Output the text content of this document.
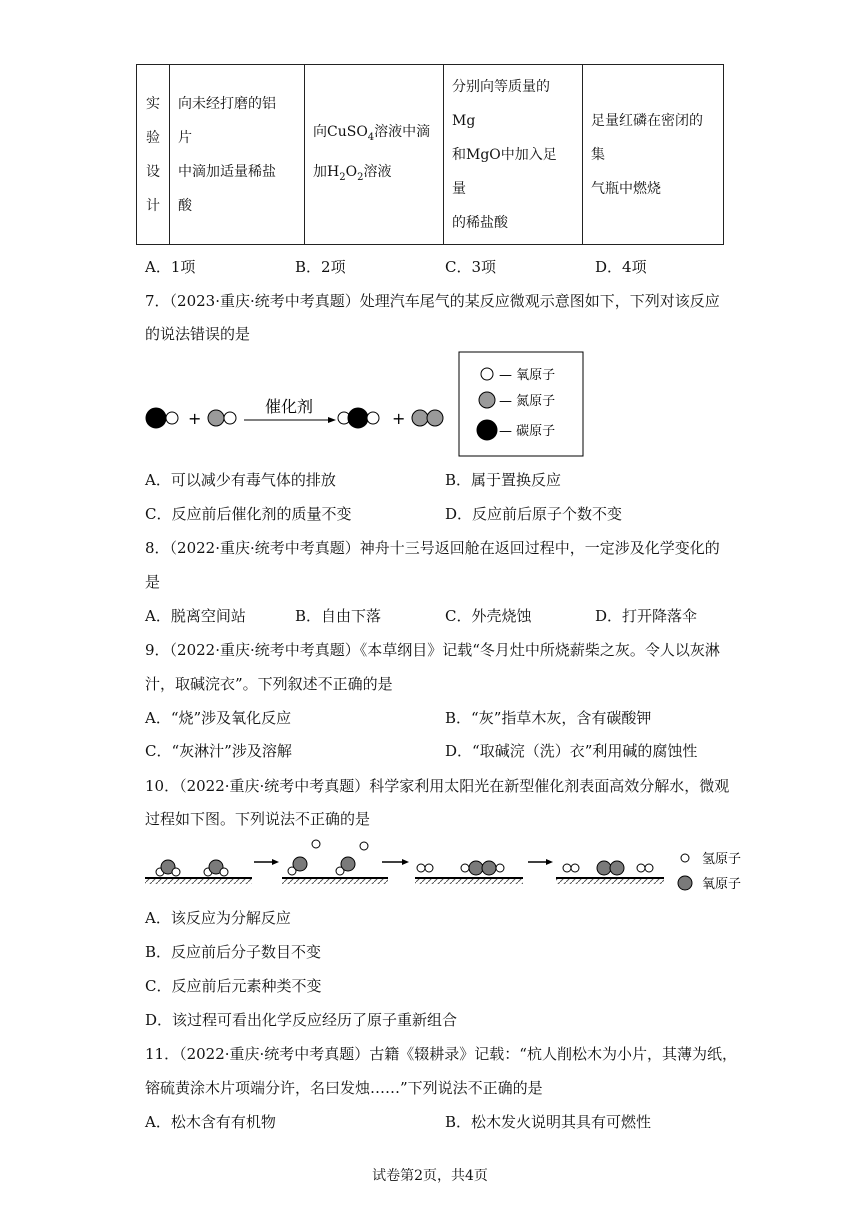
实
验
设
计

向未经打磨的铝
片
中滴加适量稀盐
酸

向CuSO$_4$溶液中滴
加$H_2O_2$溶液

分别向等质量的
Mg
和MgO中加入足
量
的稀盐酸

足量红磷在密闭的
集
气瓶中燃烧
A．1项	B．2项	C．3项	D．4项
7．（2023·重庆·统考中考真题）处理汽车尾气的某反应微观示意图如下，下列对该反应
的说法错误的是
+
催化剂
+
— 氧原子
— 氮原子
— 碳原子
A．可以减少有毒气体的排放	B．属于置换反应
C．反应前后催化剂的质量不变	D．反应前后原子个数不变
8．（2022·重庆·统考中考真题）神舟十三号返回舱在返回过程中，一定涉及化学变化的
是
A．脱离空间站	B．自由下落	C．外壳烧蚀	D．打开降落伞
9．（2022·重庆·统考中考真题）《本草纲目》记载“冬月灶中所烧薪柴之灰。令人以灰淋
汁，取碱浣衣”。下列叙述不正确的是
A．“烧”涉及氧化反应	B．“灰”指草木灰，含有碳酸钾
C．“灰淋汁”涉及溶解	D．“取碱浣（洗）衣”利用碱的腐蚀性
10．（2022·重庆·统考中考真题）科学家利用太阳光在新型催化剂表面高效分解水，微观
过程如下图。下列说法不正确的是
氢原子
氧原子
A．该反应为分解反应
B．反应前后分子数目不变
C．反应前后元素种类不变
D．该过程可看出化学反应经历了原子重新组合
11．（2022·重庆·统考中考真题）古籍《辍耕录》记载：“杭人削松木为小片，其薄为纸，
镕硫黄涂木片项端分许，名曰发烛……”下列说法不正确的是
A．松木含有有机物	B．松木发火说明其具有可燃性
试卷第2页，共4页
